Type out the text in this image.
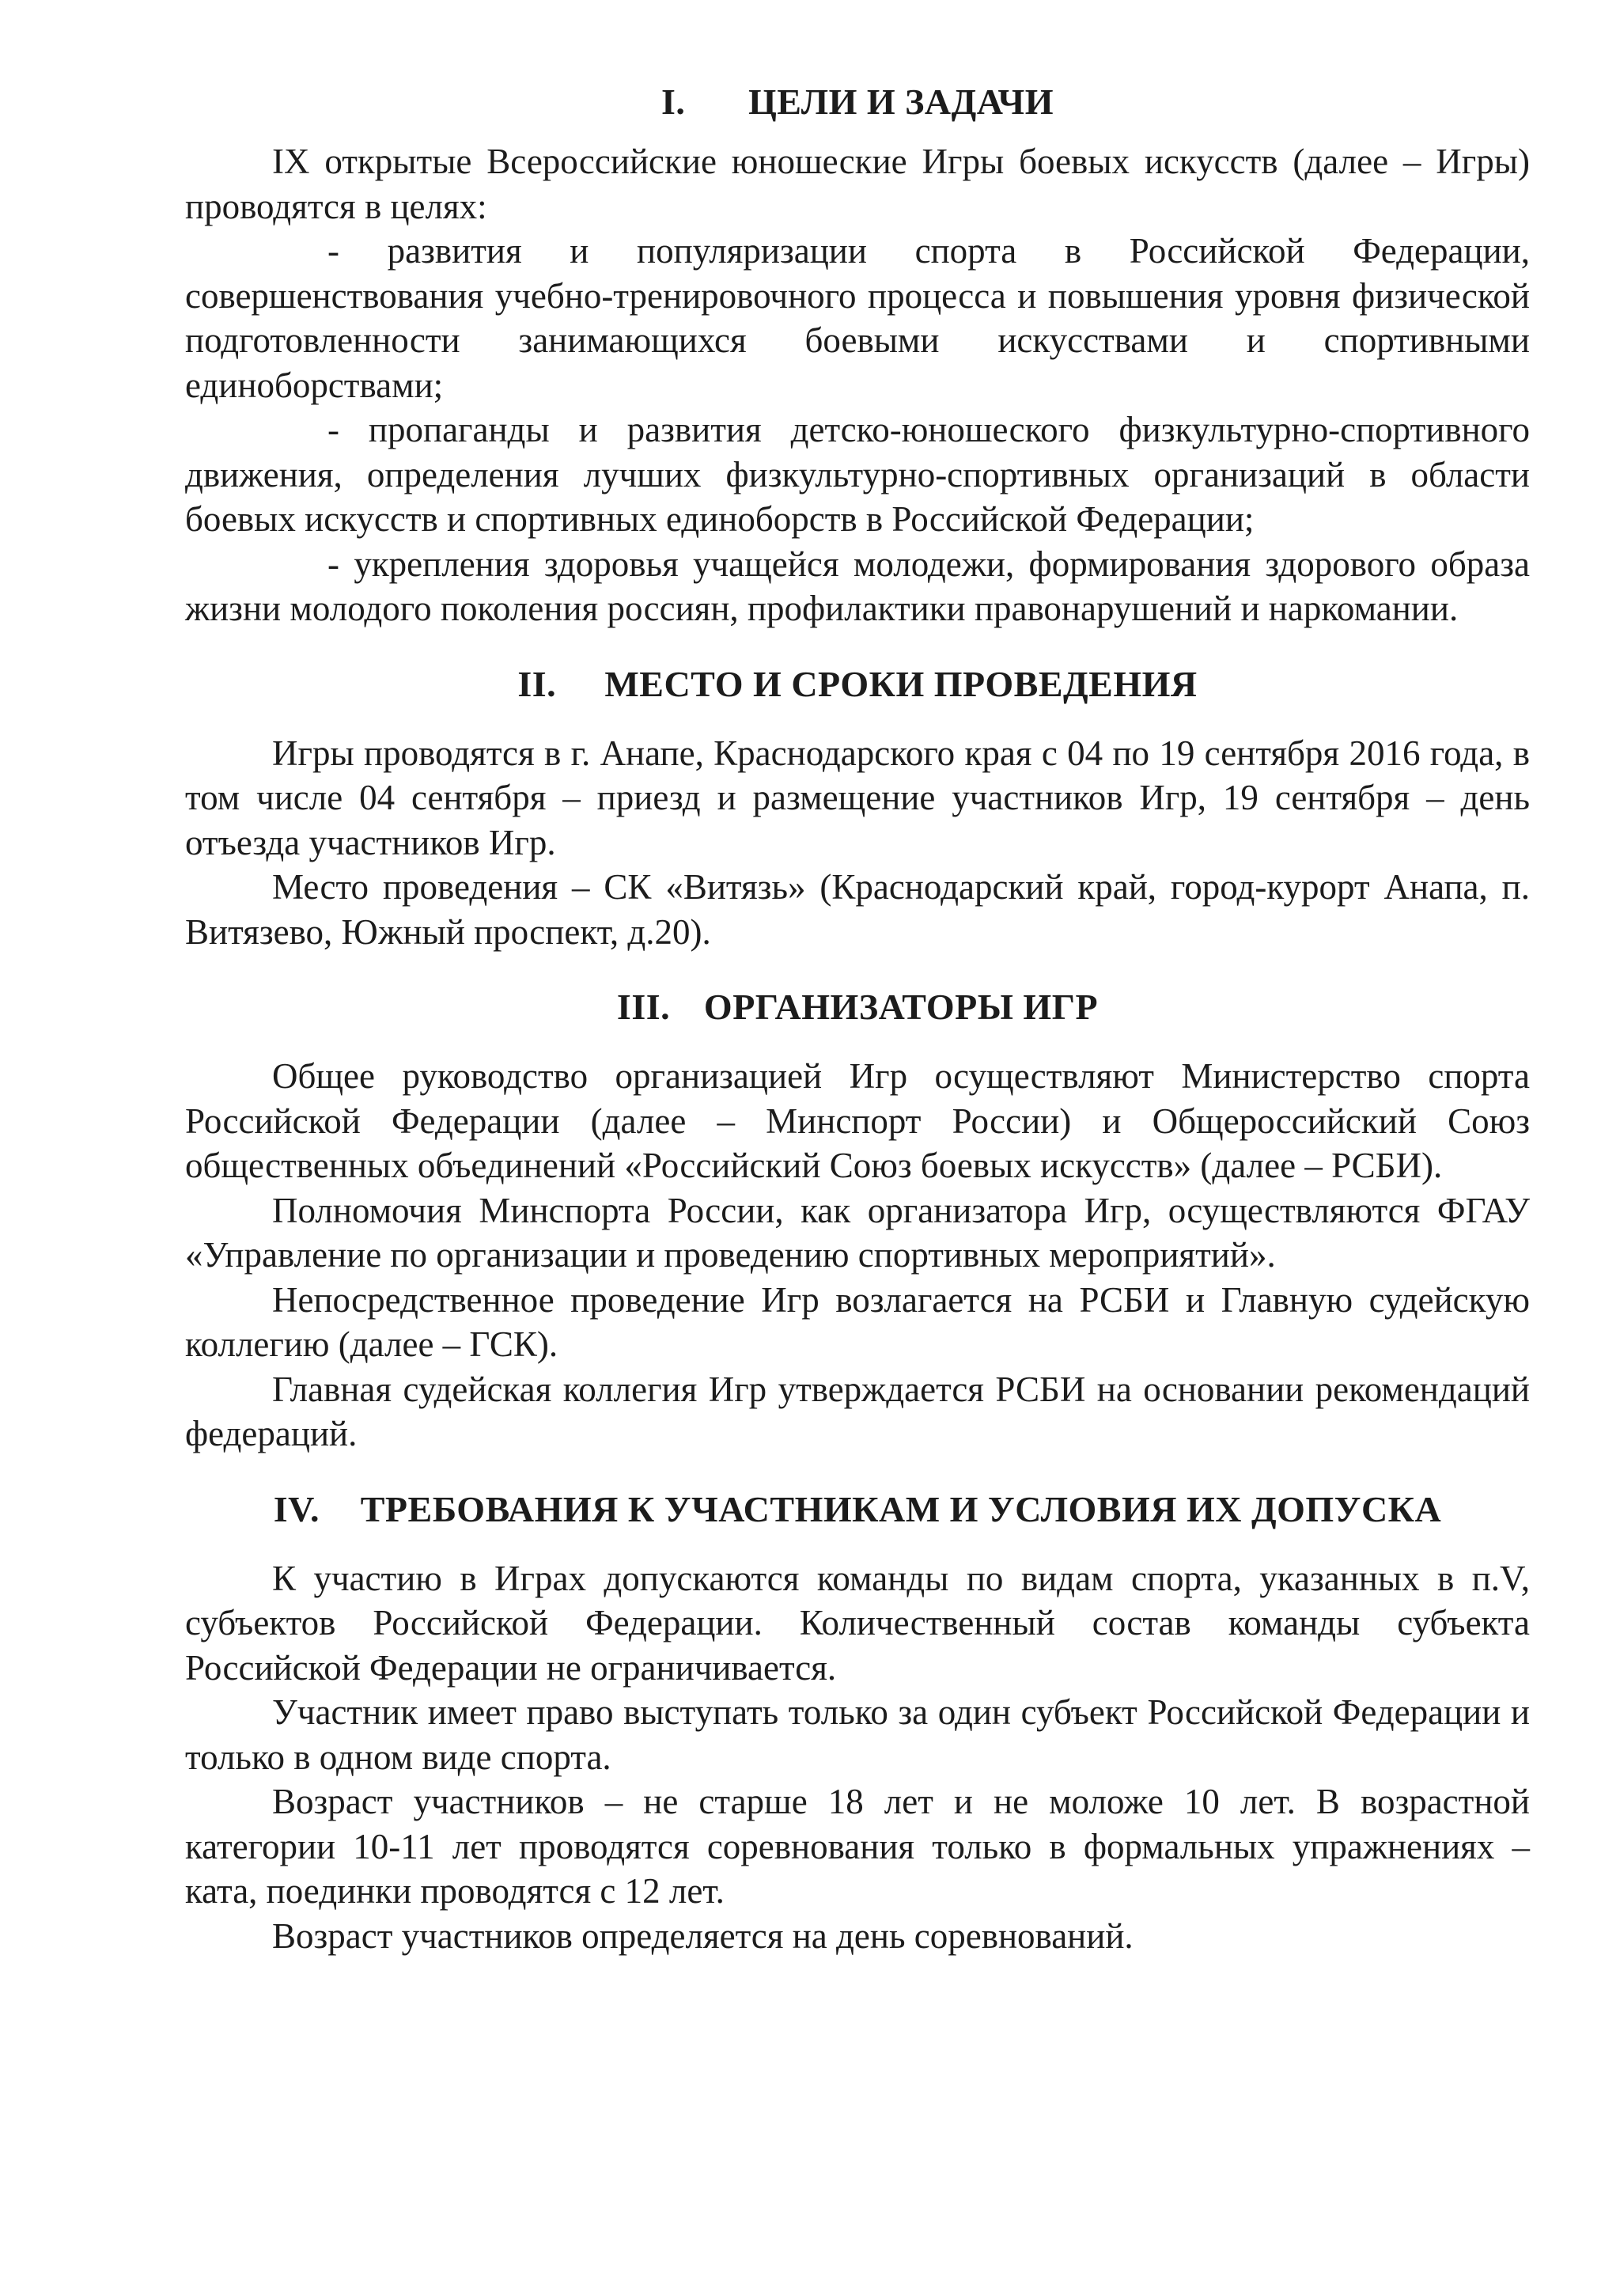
I. ЦЕЛИ И ЗАДАЧИ

IX открытые Всероссийские юношеские Игры боевых искусств (далее – Игры) проводятся в целях:

- развития и популяризации спорта в Российской Федерации, совершенствования учебно-тренировочного процесса и повышения уровня физической подготовленности занимающихся боевыми искусствами и спортивными единоборствами;

- пропаганды и развития детско-юношеского физкультурно-спортивного движения, определения лучших физкультурно-спортивных организаций в области боевых искусств и спортивных единоборств в Российской Федерации;

- укрепления здоровья учащейся молодежи, формирования здорового образа жизни молодого поколения россиян, профилактики правонарушений и наркомании.

II. МЕСТО И СРОКИ ПРОВЕДЕНИЯ

Игры проводятся в г. Анапе, Краснодарского края с 04 по 19 сентября 2016 года, в том числе 04 сентября – приезд и размещение участников Игр, 19 сентября – день отъезда участников Игр.

Место проведения – СК «Витязь» (Краснодарский край, город-курорт Анапа, п. Витязево, Южный проспект, д.20).

III. ОРГАНИЗАТОРЫ ИГР

Общее руководство организацией Игр осуществляют Министерство спорта Российской Федерации (далее – Минспорт России) и Общероссийский Союз общественных объединений «Российский Союз боевых искусств» (далее – РСБИ).

Полномочия Минспорта России, как организатора Игр, осуществляются ФГАУ «Управление по организации и проведению спортивных мероприятий».

Непосредственное проведение Игр возлагается на РСБИ и Главную судейскую коллегию (далее – ГСК).

Главная судейская коллегия Игр утверждается РСБИ на основании рекомендаций федераций.

IV. ТРЕБОВАНИЯ К УЧАСТНИКАМ И УСЛОВИЯ ИХ ДОПУСКА

К участию в Играх допускаются команды по видам спорта, указанных в п.V, субъектов Российской Федерации. Количественный состав команды субъекта Российской Федерации не ограничивается.

Участник имеет право выступать только за один субъект Российской Федерации и только в одном виде спорта.

Возраст участников – не старше 18 лет и не моложе 10 лет. В возрастной категории 10-11 лет проводятся соревнования только в формальных упражнениях – ката, поединки проводятся с 12 лет.

Возраст участников определяется на день соревнований.
